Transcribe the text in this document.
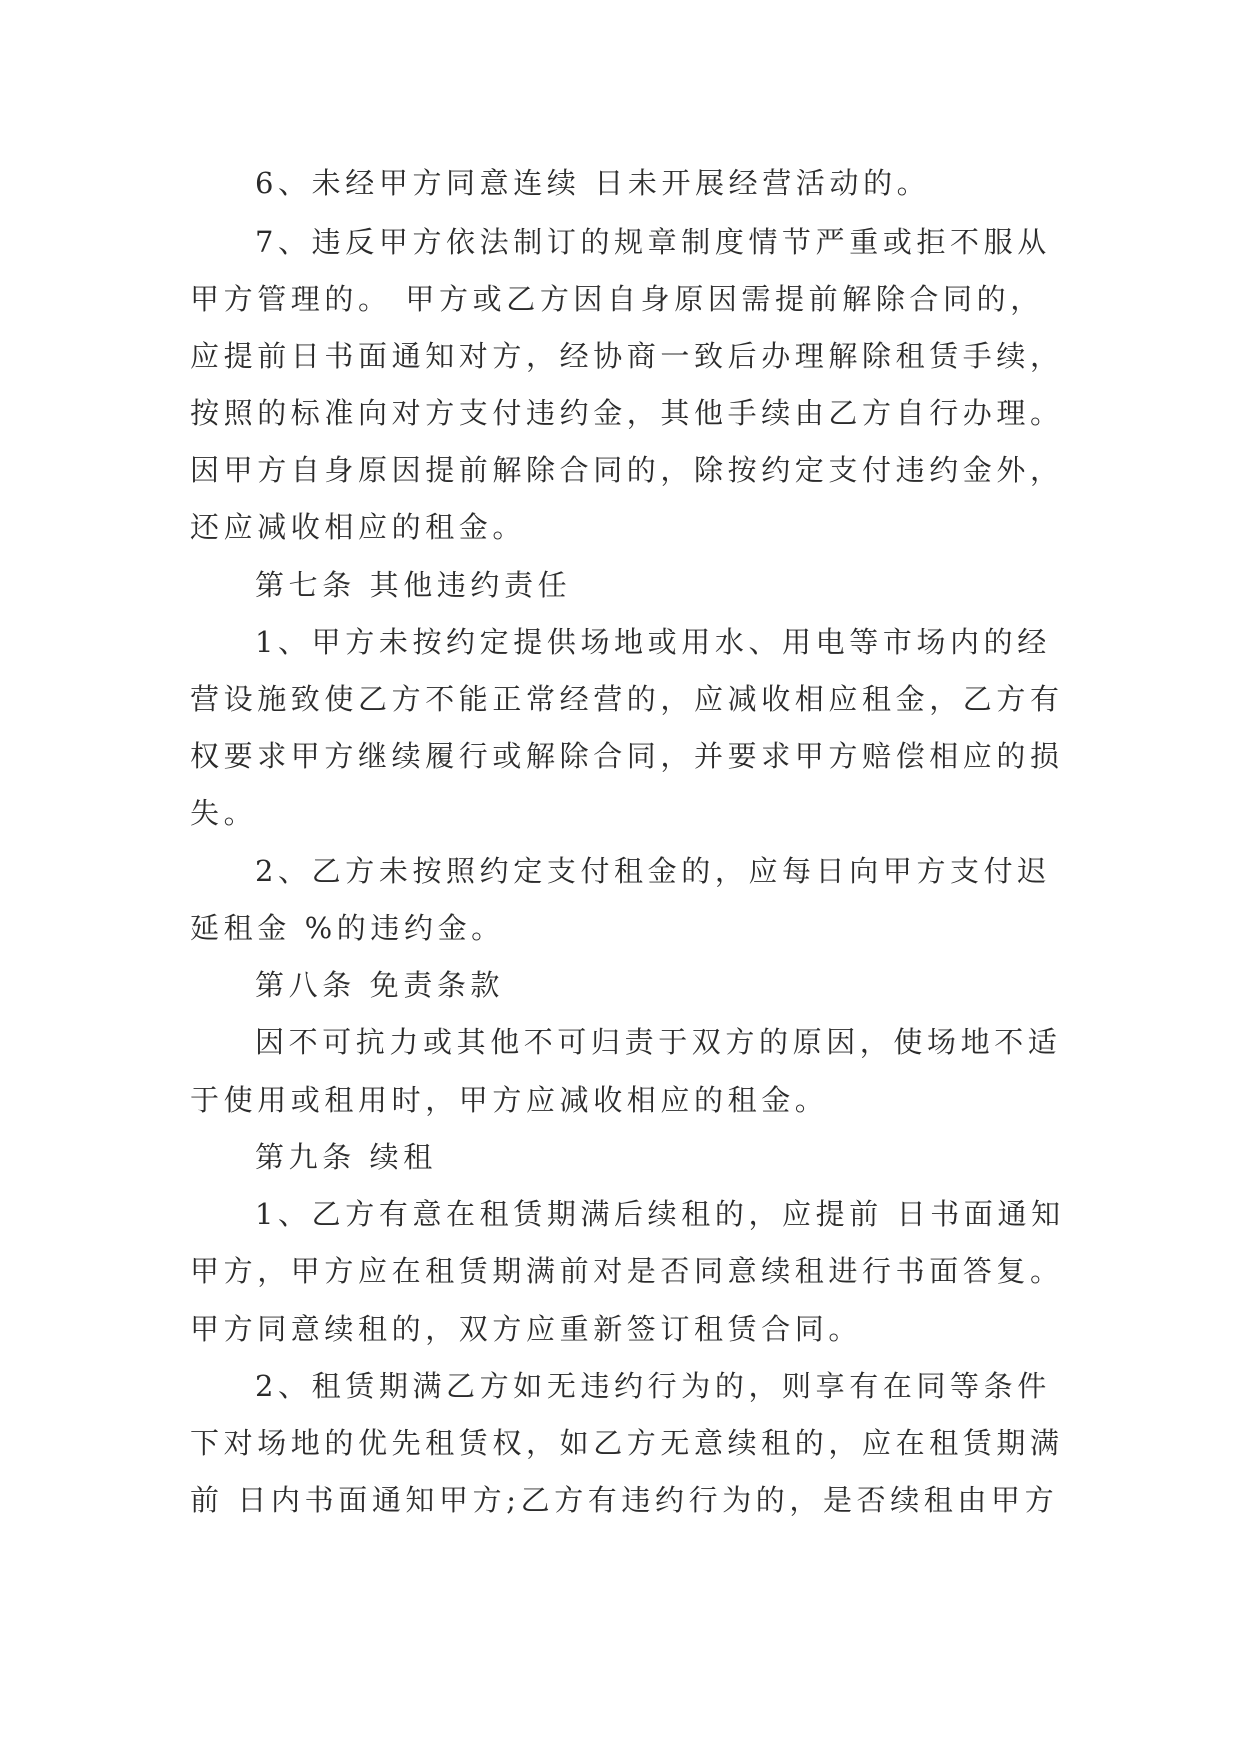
6、未经甲方同意连续 日未开展经营活动的。
7、违反甲方依法制订的规章制度情节严重或拒不服从
甲方管理的。 甲方或乙方因自身原因需提前解除合同的，
应提前日书面通知对方，经协商一致后办理解除租赁手续，
按照的标准向对方支付违约金，其他手续由乙方自行办理。
因甲方自身原因提前解除合同的，除按约定支付违约金外，
还应减收相应的租金。
第七条 其他违约责任
1、甲方未按约定提供场地或用水、用电等市场内的经
营设施致使乙方不能正常经营的，应减收相应租金，乙方有
权要求甲方继续履行或解除合同，并要求甲方赔偿相应的损
失。
2、乙方未按照约定支付租金的，应每日向甲方支付迟
延租金 %的违约金。
第八条 免责条款
因不可抗力或其他不可归责于双方的原因，使场地不适
于使用或租用时，甲方应减收相应的租金。
第九条 续租
1、乙方有意在租赁期满后续租的，应提前 日书面通知
甲方，甲方应在租赁期满前对是否同意续租进行书面答复。
甲方同意续租的，双方应重新签订租赁合同。
2、租赁期满乙方如无违约行为的，则享有在同等条件
下对场地的优先租赁权，如乙方无意续租的，应在租赁期满
前 日内书面通知甲方;乙方有违约行为的，是否续租由甲方
